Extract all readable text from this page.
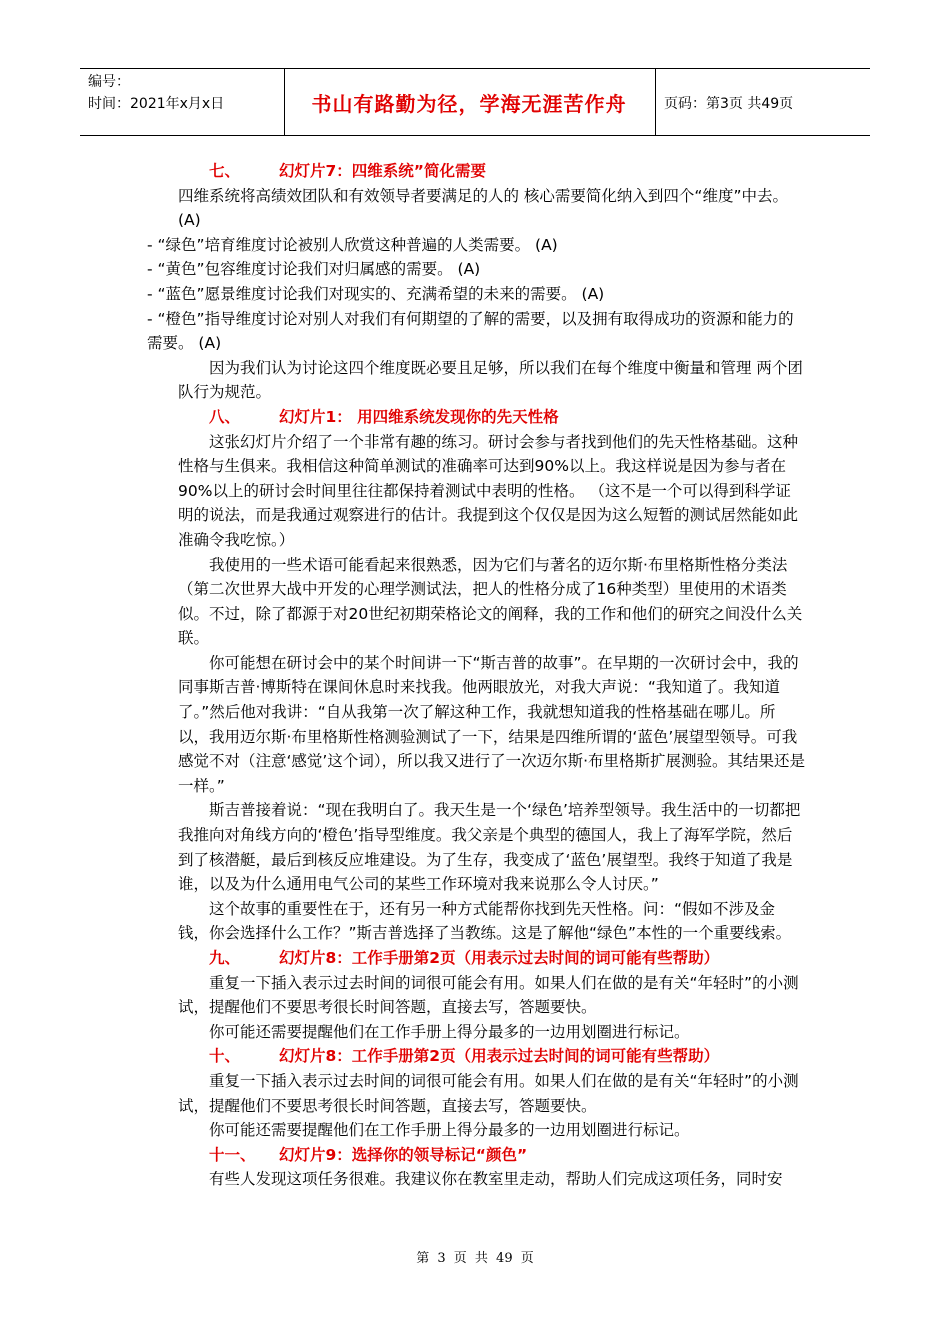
编号：
时间：2021年x月x日	书山有路勤为径，学海无涯苦作舟	页码：第3页 共49页

七、	幻灯片7：四维系统”简化需要

四维系统将高绩效团队和有效领导者要满足的人的 核心需要简化纳入到四个“维度”中去。(A)

- “绿色”培育维度讨论被别人欣赏这种普遍的人类需要。 (A)

- “黄色”包容维度讨论我们对归属感的需要。 (A)

- “蓝色”愿景维度讨论我们对现实的、充满希望的未来的需要。 (A)

- “橙色”指导维度讨论对别人对我们有何期望的了解的需要，以及拥有取得成功的资源和能力的需要。 (A)

因为我们认为讨论这四个维度既必要且足够，所以我们在每个维度中衡量和管理 两个团队行为规范。

八、	幻灯片1： 用四维系统发现你的先天性格

这张幻灯片介绍了一个非常有趣的练习。研讨会参与者找到他们的先天性格基础。这种性格与生俱来。我相信这种简单测试的准确率可达到90%以上。我这样说是因为参与者在90%以上的研讨会时间里往往都保持着测试中表明的性格。 （这不是一个可以得到科学证明的说法，而是我通过观察进行的估计。我提到这个仅仅是因为这么短暂的测试居然能如此准确令我吃惊。）

我使用的一些术语可能看起来很熟悉，因为它们与著名的迈尔斯·布里格斯性格分类法（第二次世界大战中开发的心理学测试法，把人的性格分成了16种类型）里使用的术语类似。不过，除了都源于对20世纪初期荣格论文的阐释，我的工作和他们的研究之间没什么关联。

你可能想在研讨会中的某个时间讲一下“斯吉普的故事”。在早期的一次研讨会中，我的同事斯吉普·博斯特在课间休息时来找我。他两眼放光，对我大声说：“我知道了。我知道了。”然后他对我讲：“自从我第一次了解这种工作，我就想知道我的性格基础在哪儿。所以，我用迈尔斯·布里格斯性格测验测试了一下，结果是四维所谓的‘蓝色’展望型领导。可我感觉不对（注意‘感觉’这个词），所以我又进行了一次迈尔斯·布里格斯扩展测验。其结果还是一样。”

斯吉普接着说：“现在我明白了。我天生是一个‘绿色’培养型领导。我生活中的一切都把我推向对角线方向的‘橙色’指导型维度。我父亲是个典型的德国人，我上了海军学院，然后到了核潜艇，最后到核反应堆建设。为了生存，我变成了‘蓝色’展望型。我终于知道了我是谁，以及为什么通用电气公司的某些工作环境对我来说那么令人讨厌。”

这个故事的重要性在于，还有另一种方式能帮你找到先天性格。问：“假如不涉及金钱，你会选择什么工作？”斯吉普选择了当教练。这是了解他“绿色”本性的一个重要线索。

九、	幻灯片8：工作手册第2页（用表示过去时间的词可能有些帮助）

重复一下插入表示过去时间的词很可能会有用。如果人们在做的是有关“年轻时”的小测试，提醒他们不要思考很长时间答题，直接去写，答题要快。

你可能还需要提醒他们在工作手册上得分最多的一边用划圈进行标记。

十、	幻灯片8：工作手册第2页（用表示过去时间的词可能有些帮助）

重复一下插入表示过去时间的词很可能会有用。如果人们在做的是有关“年轻时”的小测试，提醒他们不要思考很长时间答题，直接去写，答题要快。

你可能还需要提醒他们在工作手册上得分最多的一边用划圈进行标记。

十一、 幻灯片9：选择你的领导标记“颜色”

有些人发现这项任务很难。我建议你在教室里走动，帮助人们完成这项任务，同时安

第 3 页 共 49 页
